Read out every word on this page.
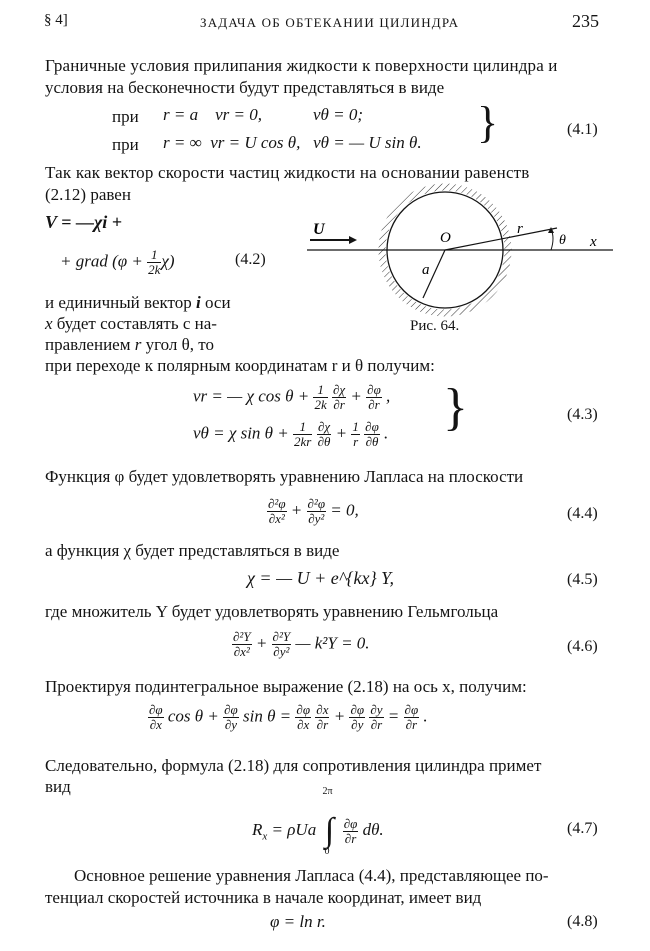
§ 4]	ЗАДАЧА ОБ ОБТЕКАНИИ ЦИЛИНДРА	235
Граничные условия прилипания жидкости к поверхности цилиндра и
условия на бесконечности будут представляться в виде
при r = a    vr = 0,            vθ = 0;
при r = ∞  vr = U cos θ,   vθ = — U sin θ. }	(4.1)
Так как вектор скорости частиц жидкости на основании равенств
(2.12) равен
V = —χi +
+ grad $(\varphi + \frac{1}{2k} \chi)$	(4.2)
U	O
r
θ x
a
Рис. 64.
и единичный вектор i оси
x будет составлять с на-
правлением r угол θ, то
при переходе к полярным координатам r и θ получим:
vr = — χ $\cos \theta + \frac{1}{2k}$
$\frac{\partial\chi}{\partial r} + \frac{\partial\varphi}{\partial r}$ ,
vθ = χ $\sin \theta + \frac{1}{2kr}$
$\frac{\partial\chi}{\partial\theta} + \frac{1}{r}$
$\frac{\partial\varphi}{\partial\theta}$ . }	(4.3)
Функция φ будет удовлетворять уравнению Лапласа на плоскости
$\frac{\text{∂²φ}}{\text{∂x²}} + \frac{\text{∂²φ}}{\text{∂y²}} = 0$,	(4.4)
а функция χ будет представляться в виде
χ = — U + e^{kx} Y,	(4.5)
где множитель Y будет удовлетворять уравнению Гельмгольца
$\frac{\text{∂²Y}}{\text{∂x²}} + \frac{\text{∂²Y}}{\text{∂y²}}$ — k²Y = 0.	(4.6)
Проектируя подинтегральное выражение (2.18) на ось x, получим:
$\frac{\partial\varphi}{\partial x}$ $\cos \theta + \frac{\partial\varphi}{\partial y}$ $\sin \theta = \frac{\partial\varphi}{\partial x}$
$\frac{\partial x}{\partial r} + \frac{\partial\varphi}{\partial y}$
$\frac{\partial y}{\partial r} = \frac{\partial\varphi}{\partial r}$ .
Следовательно, формула (2.18) для сопротивления цилиндра примет
вид
$R_x = \rho Ua$
2π
∫
0

$\frac{\partial\varphi}{\partial r} d\theta$.	(4.7)
Основное решение уравнения Лапласа (4.4), представляющее по-
тенциал скоростей источника в начале координат, имеет вид
φ = ln r.	(4.8)
